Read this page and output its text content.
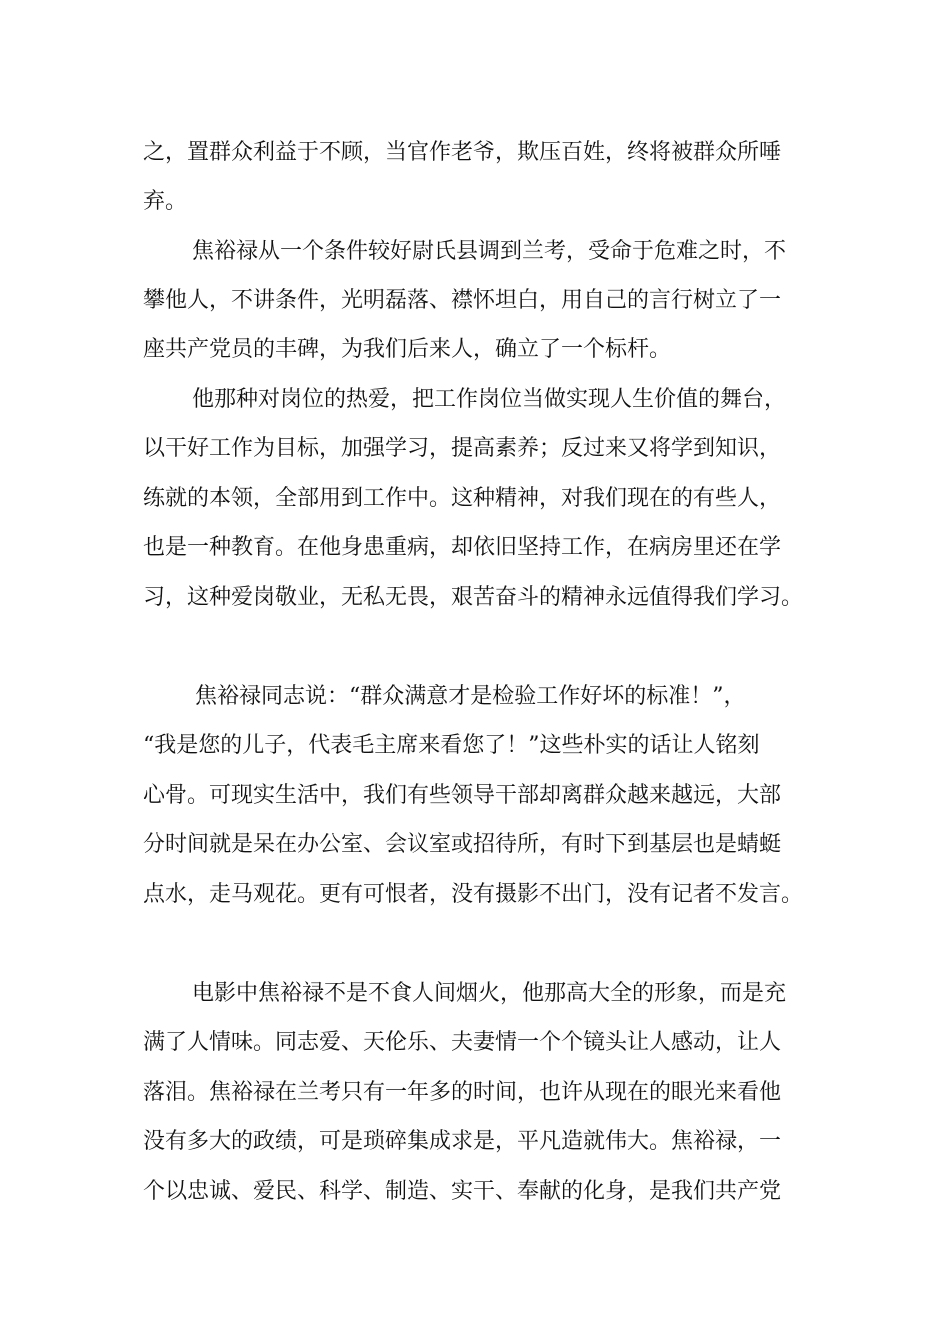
之，置群众利益于不顾，当官作老爷，欺压百姓，终将被群众所唾
弃。
焦裕禄从一个条件较好尉氏县调到兰考，受命于危难之时，不
攀他人，不讲条件，光明磊落、襟怀坦白，用自己的言行树立了一
座共产党员的丰碑，为我们后来人，确立了一个标杆。
他那种对岗位的热爱，把工作岗位当做实现人生价值的舞台，
以干好工作为目标，加强学习，提高素养；反过来又将学到知识，
练就的本领，全部用到工作中。这种精神，对我们现在的有些人，
也是一种教育。在他身患重病，却依旧坚持工作，在病房里还在学
习，这种爱岗敬业，无私无畏，艰苦奋斗的精神永远值得我们学习。
焦裕禄同志说：“群众满意才是检验工作好坏的标准！”，
“我是您的儿子，代表毛主席来看您了！”这些朴实的话让人铭刻
心骨。可现实生活中，我们有些领导干部却离群众越来越远，大部
分时间就是呆在办公室、会议室或招待所，有时下到基层也是蜻蜓
点水，走马观花。更有可恨者，没有摄影不出门，没有记者不发言。
电影中焦裕禄不是不食人间烟火，他那高大全的形象，而是充
满了人情味。同志爱、天伦乐、夫妻情一个个镜头让人感动，让人
落泪。焦裕禄在兰考只有一年多的时间，也许从现在的眼光来看他
没有多大的政绩，可是琐碎集成求是，平凡造就伟大。焦裕禄，一
个以忠诚、爱民、科学、制造、实干、奉献的化身，是我们共产党
